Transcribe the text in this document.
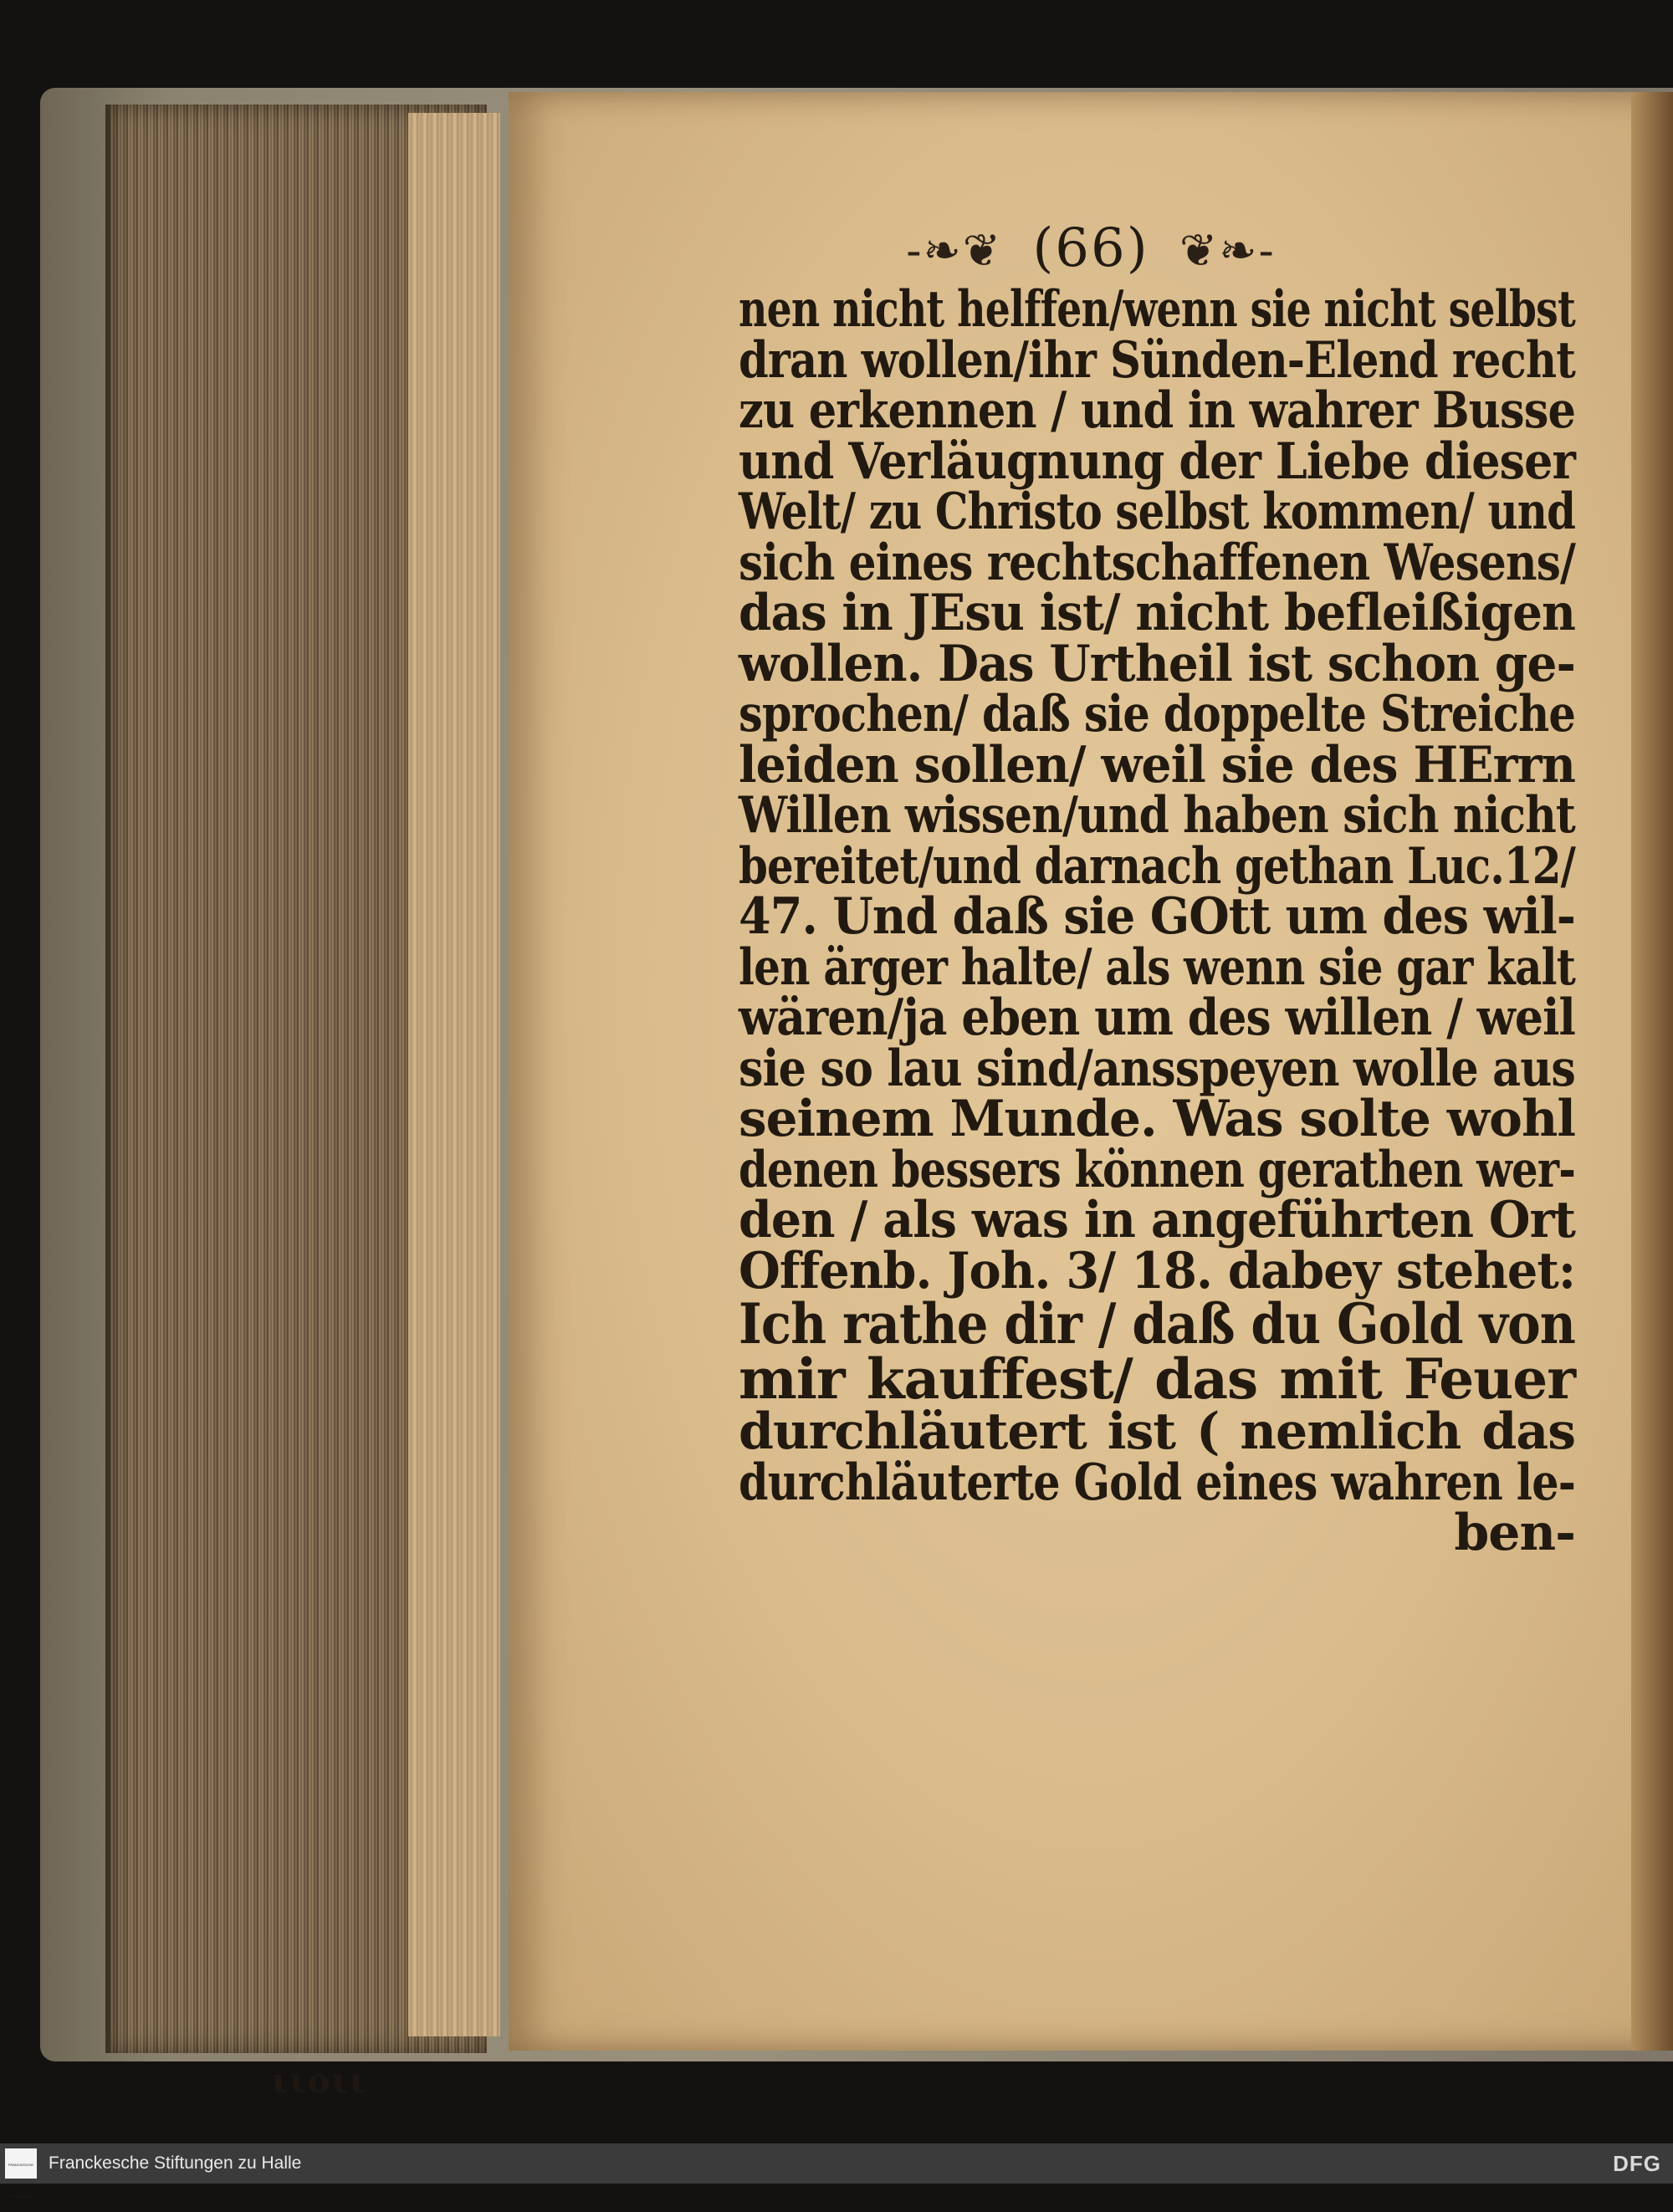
-❧❦ (66) ❦❧-
nen nicht helffen/wenn sie nicht selbst
dran wollen/ihr Sünden-Elend recht
zu erkennen / und in wahrer Busse
und Verläugnung der Liebe dieser
Welt/ zu Christo selbst kommen/ und
sich eines rechtschaffenen Wesens/
das in JEsu ist/ nicht befleißigen
wollen. Das Urtheil ist schon ge-
sprochen/ daß sie doppelte Streiche
leiden sollen/ weil sie des HErrn
Willen wissen/und haben sich nicht
bereitet/und darnach gethan Luc.12/
47. Und daß sie GOtt um des wil-
len ärger halte/ als wenn sie gar kalt
wären/ja eben um des willen / weil
sie so lau sind/ansspeyen wolle aus
seinem Munde. Was solte wohl
denen bessers können gerathen wer-
den / als was in angeführten Ort
Offenb. Joh. 3/ 18. dabey stehet:
Ich rathe dir / daß du Gold von
mir kauffest/ das mit Feuer
durchläutert ist ( nemlich das
durchläuterte Gold eines wahren le-
ben-
ιιοιι
FRANCKESCHE STIFTUNGEN
Franckesche Stiftungen zu Halle	DFG
